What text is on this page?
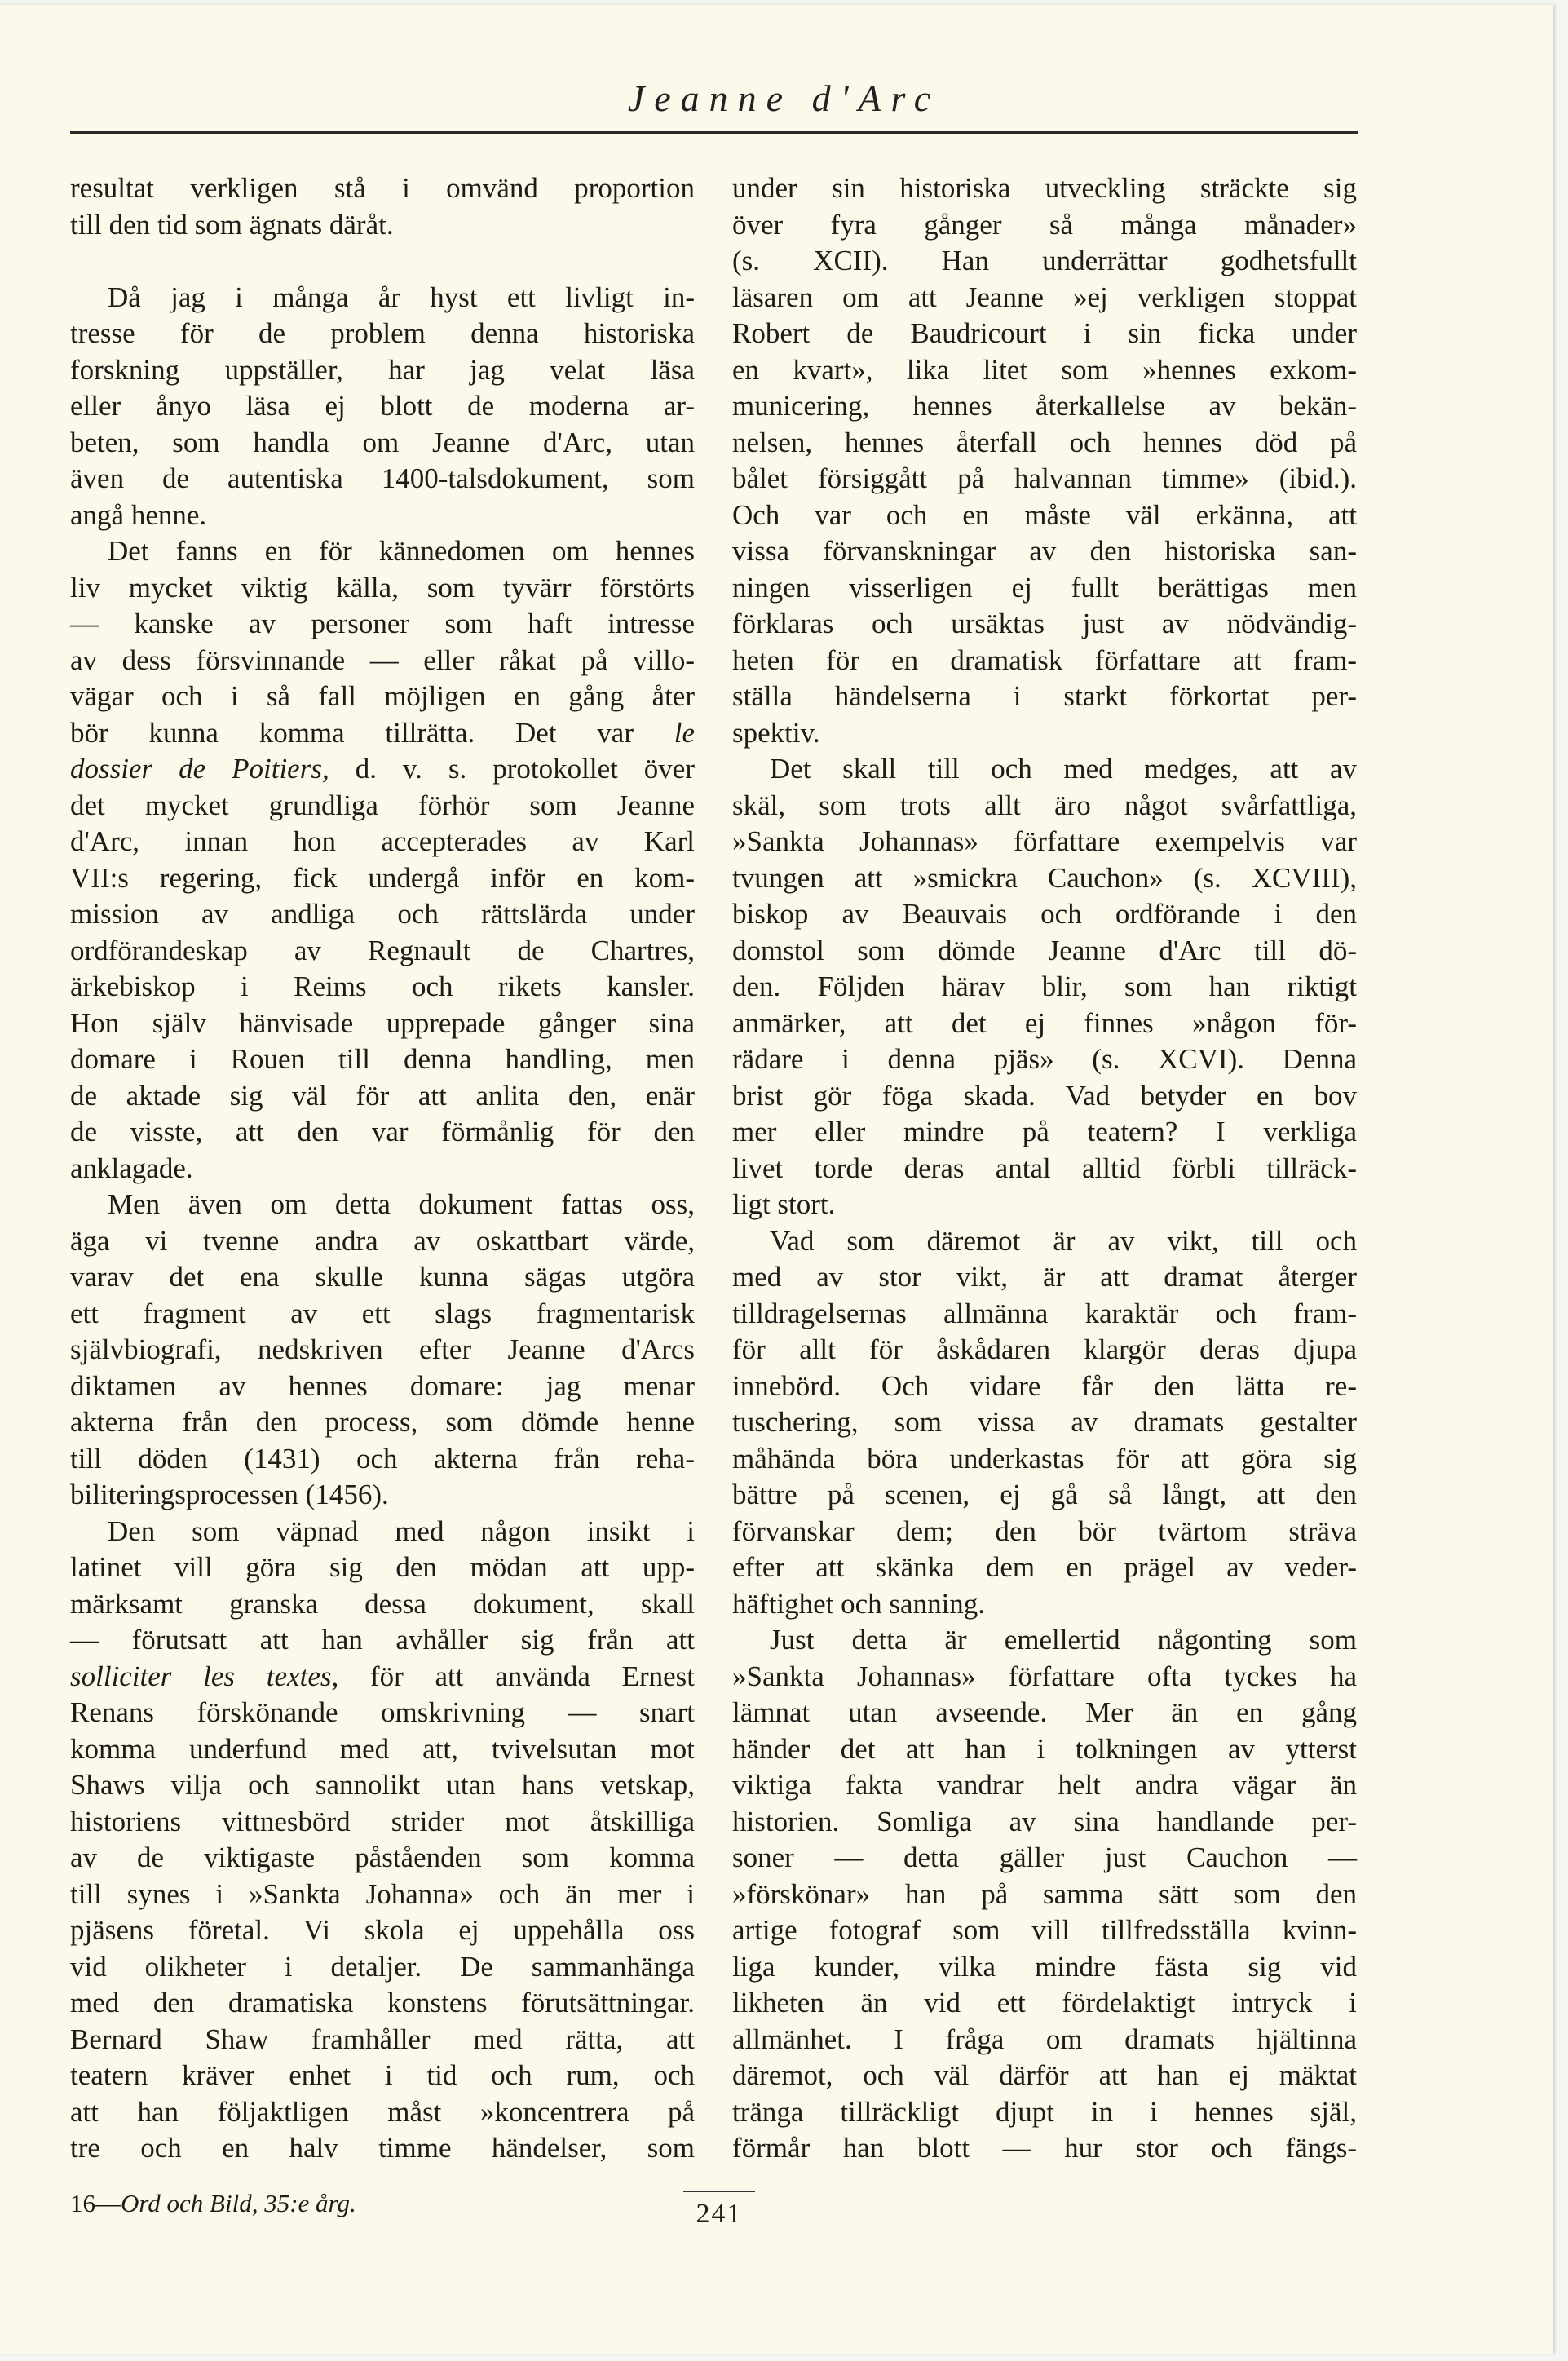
Jeanne d'Arc
resultat verkligen stå i omvänd proportion
till den tid som ägnats däråt.
Då jag i många år hyst ett livligt in-
tresse för de problem denna historiska
forskning uppställer, har jag velat läsa
eller ånyo läsa ej blott de moderna ar-
beten, som handla om Jeanne d'Arc, utan
även de autentiska 1400-talsdokument, som
angå henne.
Det fanns en för kännedomen om hennes
liv mycket viktig källa, som tyvärr förstörts
— kanske av personer som haft intresse
av dess försvinnande — eller råkat på villo-
vägar och i så fall möjligen en gång åter
bör kunna komma tillrätta. Det var le
dossier de Poitiers, d. v. s. protokollet över
det mycket grundliga förhör som Jeanne
d'Arc, innan hon accepterades av Karl
VII:s regering, fick undergå inför en kom-
mission av andliga och rättslärda under
ordförandeskap av Regnault de Chartres,
ärkebiskop i Reims och rikets kansler.
Hon själv hänvisade upprepade gånger sina
domare i Rouen till denna handling, men
de aktade sig väl för att anlita den, enär
de visste, att den var förmånlig för den
anklagade.
Men även om detta dokument fattas oss,
äga vi tvenne andra av oskattbart värde,
varav det ena skulle kunna sägas utgöra
ett fragment av ett slags fragmentarisk
självbiografi, nedskriven efter Jeanne d'Arcs
diktamen av hennes domare: jag menar
akterna från den process, som dömde henne
till döden (1431) och akterna från reha-
biliteringsprocessen (1456).
Den som väpnad med någon insikt i
latinet vill göra sig den mödan att upp-
märksamt granska dessa dokument, skall
— förutsatt att han avhåller sig från att
solliciter les textes, för att använda Ernest
Renans förskönande omskrivning — snart
komma underfund med att, tvivelsutan mot
Shaws vilja och sannolikt utan hans vetskap,
historiens vittnesbörd strider mot åtskilliga
av de viktigaste påståenden som komma
till synes i »Sankta Johanna» och än mer i
pjäsens företal. Vi skola ej uppehålla oss
vid olikheter i detaljer. De sammanhänga
med den dramatiska konstens förutsättningar.
Bernard Shaw framhåller med rätta, att
teatern kräver enhet i tid och rum, och
att han följaktligen måst »koncentrera på
tre och en halv timme händelser, som
under sin historiska utveckling sträckte sig
över fyra gånger så många månader»
(s. XCII). Han underrättar godhetsfullt
läsaren om att Jeanne »ej verkligen stoppat
Robert de Baudricourt i sin ficka under
en kvart», lika litet som »hennes exkom-
municering, hennes återkallelse av bekän-
nelsen, hennes återfall och hennes död på
bålet försiggått på halvannan timme» (ibid.).
Och var och en måste väl erkänna, att
vissa förvanskningar av den historiska san-
ningen visserligen ej fullt berättigas men
förklaras och ursäktas just av nödvändig-
heten för en dramatisk författare att fram-
ställa händelserna i starkt förkortat per-
spektiv.
Det skall till och med medges, att av
skäl, som trots allt äro något svårfattliga,
»Sankta Johannas» författare exempelvis var
tvungen att »smickra Cauchon» (s. XCVIII),
biskop av Beauvais och ordförande i den
domstol som dömde Jeanne d'Arc till dö-
den. Följden härav blir, som han riktigt
anmärker, att det ej finnes »någon för-
rädare i denna pjäs» (s. XCVI). Denna
brist gör föga skada. Vad betyder en bov
mer eller mindre på teatern? I verkliga
livet torde deras antal alltid förbli tillräck-
ligt stort.
Vad som däremot är av vikt, till och
med av stor vikt, är att dramat återger
tilldragelsernas allmänna karaktär och fram-
för allt för åskådaren klargör deras djupa
innebörd. Och vidare får den lätta re-
tuschering, som vissa av dramats gestalter
måhända böra underkastas för att göra sig
bättre på scenen, ej gå så långt, att den
förvanskar dem; den bör tvärtom sträva
efter att skänka dem en prägel av veder-
häftighet och sanning.
Just detta är emellertid någonting som
»Sankta Johannas» författare ofta tyckes ha
lämnat utan avseende. Mer än en gång
händer det att han i tolkningen av ytterst
viktiga fakta vandrar helt andra vägar än
historien. Somliga av sina handlande per-
soner — detta gäller just Cauchon —
»förskönar» han på samma sätt som den
artige fotograf som vill tillfredsställa kvinn-
liga kunder, vilka mindre fästa sig vid
likheten än vid ett fördelaktigt intryck i
allmänhet. I fråga om dramats hjältinna
däremot, och väl därför att han ej mäktat
tränga tillräckligt djupt in i hennes själ,
förmår han blott — hur stor och fängs-
16—Ord och Bild, 35:e årg.	241
